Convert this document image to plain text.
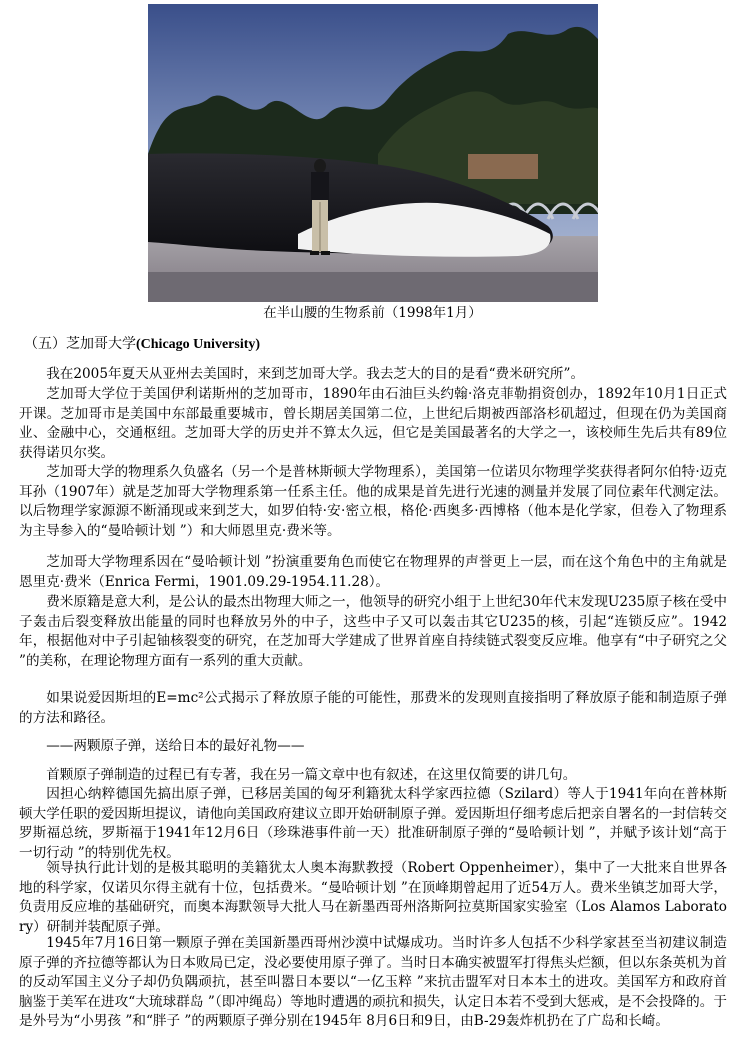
在半山腰的生物系前（1998年1月）
（五）芝加哥大学(Chicago University)

我在2005年夏天从亚州去美国时，来到芝加哥大学。我去芝大的目的是看“费米研究所”。

芝加哥大学位于美国伊利诺斯州的芝加哥市，1890年由石油巨头约翰·洛克菲勒捐资创办，1892年10月1日正式开课。芝加哥市是美国中东部最重要城市，曾长期居美国第二位，上世纪后期被西部洛杉矶超过，但现在仍为美国商业、金融中心，交通枢纽。芝加哥大学的历史并不算太久远，但它是美国最著名的大学之一，该校师生先后共有89位获得诺贝尔奖。

芝加哥大学的物理系久负盛名（另一个是普林斯顿大学物理系），美国第一位诺贝尔物理学奖获得者阿尔伯特·迈克耳孙（1907年）就是芝加哥大学物理系第一任系主任。他的成果是首先进行光速的测量并发展了同位素年代测定法。以后物理学家源源不断涌现或来到芝大，如罗伯特·安·密立根，格伦·西奥多·西博格（他本是化学家，但卷入了物理系为主导参入的“曼哈顿计划 ”）和大师恩里克·费米等。

芝加哥大学物理系因在“曼哈顿计划 ”扮演重要角色而使它在物理界的声誉更上一层，而在这个角色中的主角就是恩里克·费米（Enrica Fermi，1901.09.29-1954.11.28）。

费米原籍是意大利，是公认的最杰出物理大师之一，他领导的研究小组于上世纪30年代末发现U235原子核在受中子轰击后裂变释放出能量的同时也释放另外的中子，这些中子又可以轰击其它U235的核，引起“连锁反应”。1942年，根据他对中子引起铀核裂变的研究，在芝加哥大学建成了世界首座自持续链式裂变反应堆。他享有“中子研究之父 ”的美称，在理论物理方面有一系列的重大贡献。

如果说爱因斯坦的E=mc²公式揭示了释放原子能的可能性，那费米的发现则直接指明了释放原子能和制造原子弹的方法和路径。

——两颗原子弹，送给日本的最好礼物——

首颗原子弹制造的过程已有专著，我在另一篇文章中也有叙述，在这里仅简要的讲几句。

因担心纳粹德国先搞出原子弹，已移居美国的匈牙利籍犹太科学家西拉德（Szilard）等人于1941年向在普林斯顿大学任职的爱因斯坦提议，请他向美国政府建议立即开始研制原子弹。爱因斯坦仔细考虑后把亲自署名的一封信转交罗斯福总统，罗斯福于1941年12月6日（珍珠港事件前一天）批准研制原子弹的“曼哈顿计划 ”，并赋予该计划“高于一切行动 ”的特别优先权。

领导执行此计划的是极其聪明的美籍犹太人奥本海默教授（Robert Oppenheimer），集中了一大批来自世界各地的科学家，仅诺贝尔得主就有十位，包括费米。“曼哈顿计划 ”在顶峰期曾起用了近54万人。费米坐镇芝加哥大学，负责用反应堆的基础研究，而奥本海默领导大批人马在新墨西哥州洛斯阿拉莫斯国家实验室（Los Alamos Laboratory）研制并装配原子弹。

1945年7月16日第一颗原子弹在美国新墨西哥州沙漠中试爆成功。当时许多人包括不少科学家甚至当初建议制造原子弹的齐拉德等都认为日本败局已定，没必要使用原子弹了。当时日本确实被盟军打得焦头烂额，但以东条英机为首的反动军国主义分子却仍负隅顽抗，甚至叫嚣日本要以“一亿玉粹 ”来抗击盟军对日本本土的进攻。美国军方和政府首脑鉴于美军在进攻“大琉球群岛 ”（即冲绳岛）等地时遭遇的顽抗和损失，认定日本若不受到大惩戒，是不会投降的。于是外号为“小男孩 ”和“胖子 ”的两颗原子弹分别在1945年 8月6日和9日，由B-29轰炸机扔在了广岛和长崎。
